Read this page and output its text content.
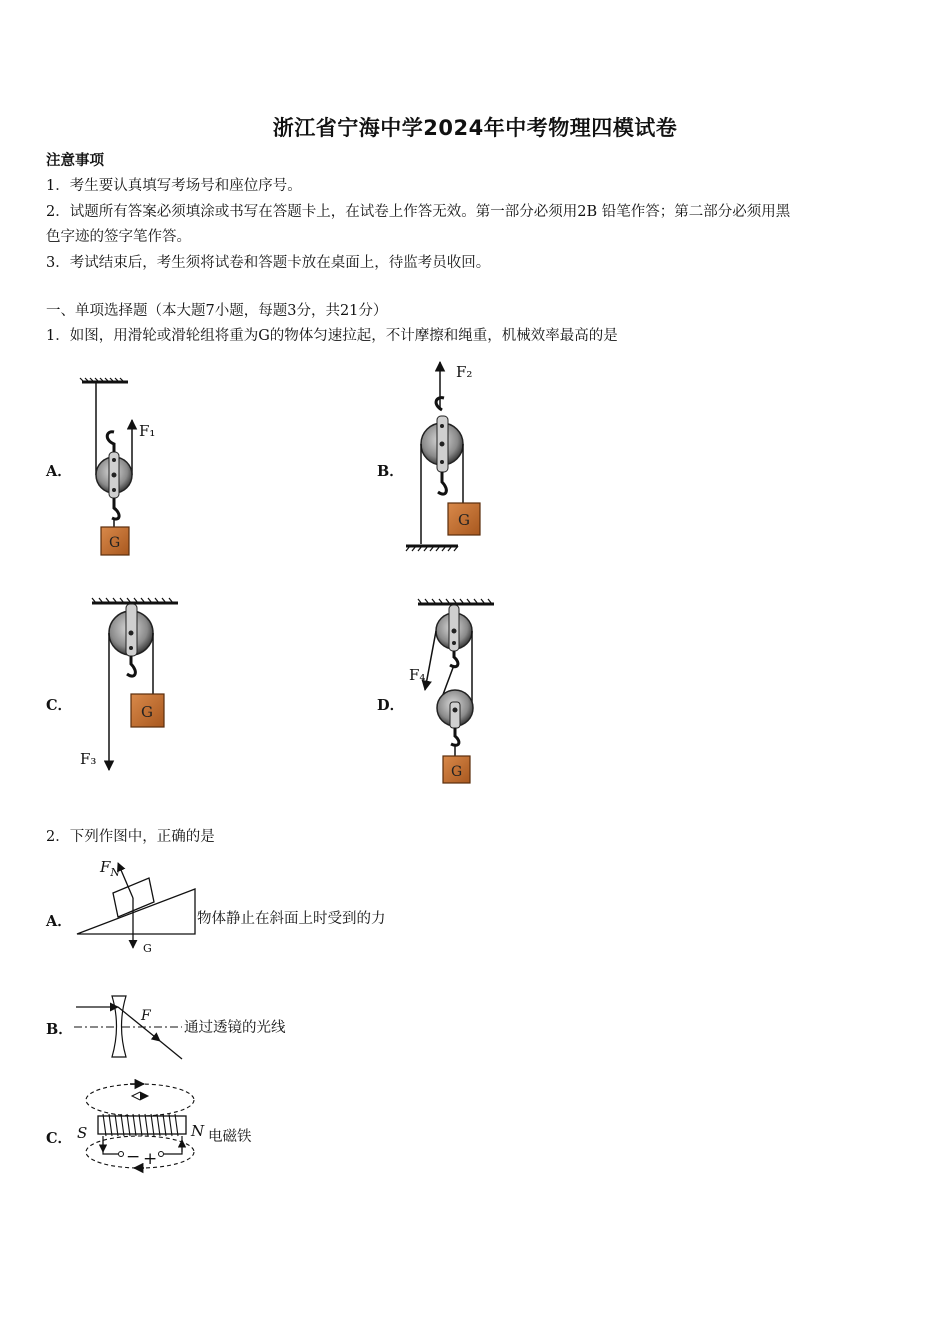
浙江省宁海中学2024年中考物理四模试卷
注意事项
1．考生要认真填写考场号和座位序号。
2．试题所有答案必须填涂或书写在答题卡上，在试卷上作答无效。第一部分必须用2B 铅笔作答；第二部分必须用黑
色字迹的签字笔作答。
3．考试结束后，考生须将试卷和答题卡放在桌面上，待监考员收回。
一、单项选择题（本大题7小题，每题3分，共21分）
1．如图，用滑轮或滑轮组将重为G的物体匀速拉起，不计摩擦和绳重，机械效率最高的是
A．	B．
C．	D．
G
F₁
G
F₂
G
F₃
G
F₄
$F_N$
G
F
S	N
− +
2．下列作图中，正确的是
A．	物体静止在斜面上时受到的力
B．	通过透镜的光线
C．	电磁铁
